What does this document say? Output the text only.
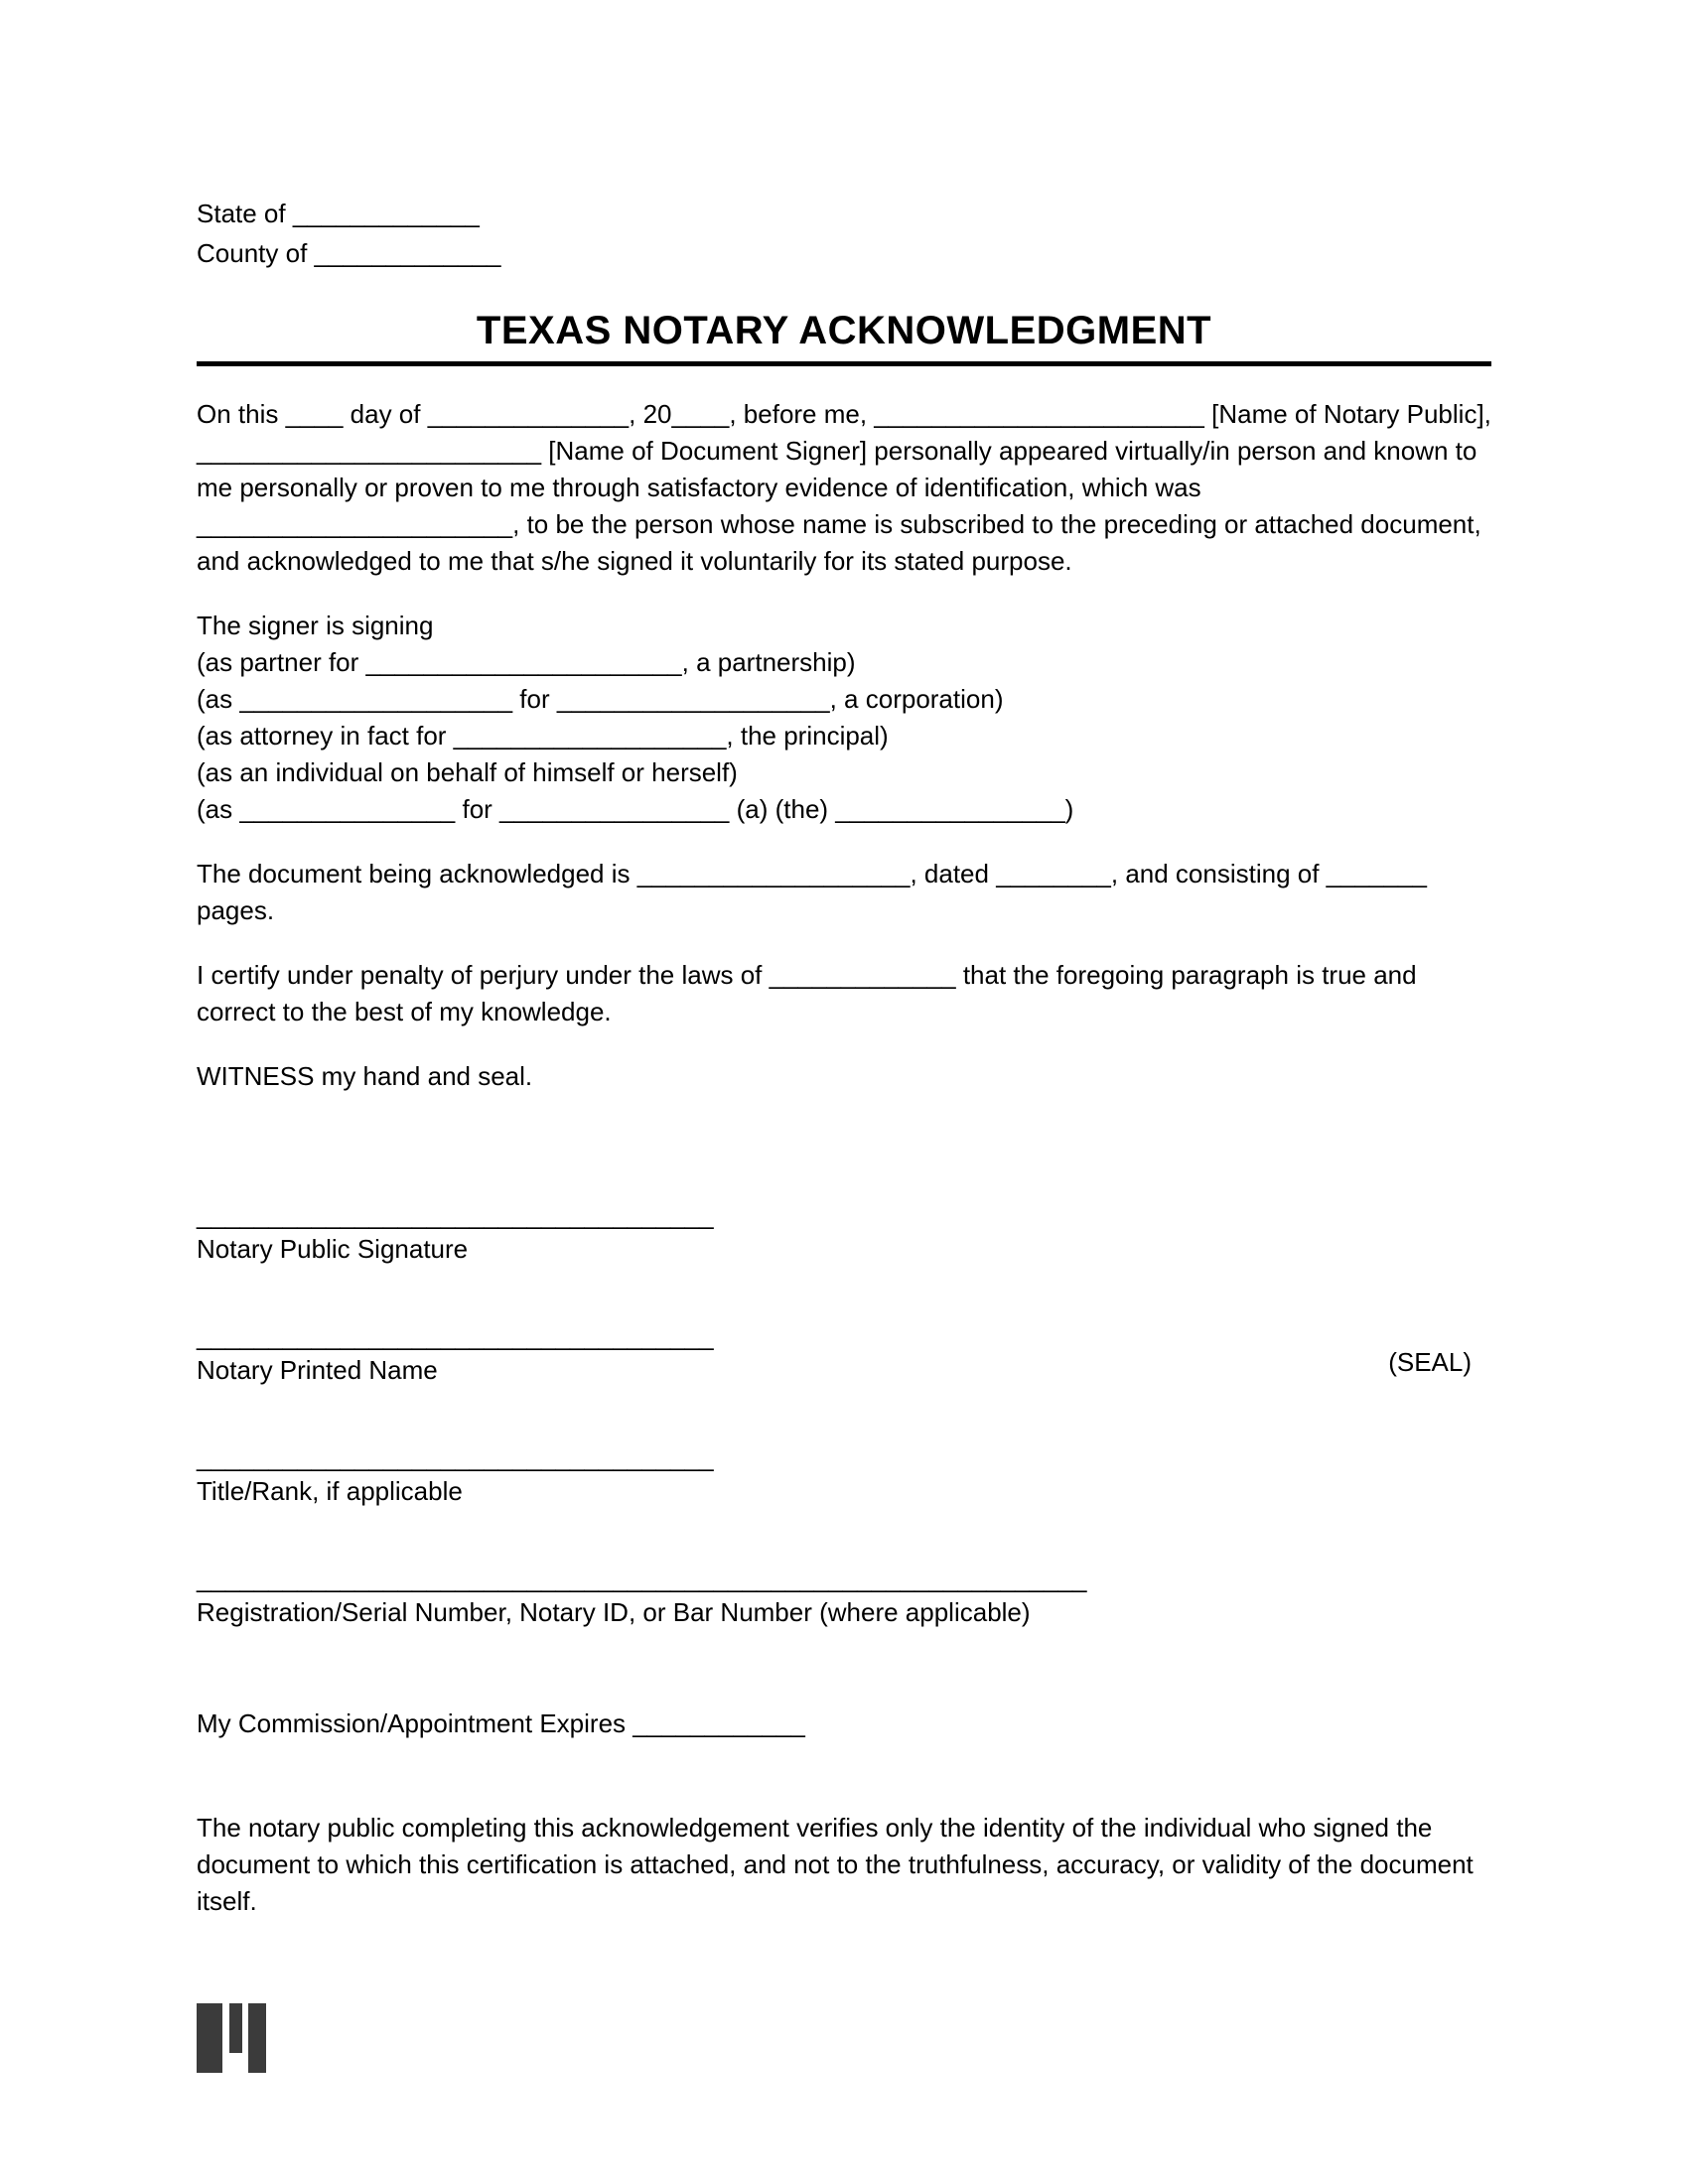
State of _____________
County of _____________
TEXAS NOTARY ACKNOWLEDGMENT

On this ____ day of ______________, 20____, before me, _______________________ [Name of Notary Public], ________________________ [Name of Document Signer] personally appeared virtually/in person and known to me personally or proven to me through satisfactory evidence of identification, which was ______________________, to be the person whose name is subscribed to the preceding or attached document, and acknowledged to me that s/he signed it voluntarily for its stated purpose.

The signer is signing
(as partner for ______________________, a partnership)
(as ___________________ for ___________________, a corporation)
(as attorney in fact for ___________________, the principal)
(as an individual on behalf of himself or herself)
(as _______________ for ________________ (a) (the) ________________)

The document being acknowledged is ___________________, dated ________, and consisting of _______ pages.

I certify under penalty of perjury under the laws of _____________ that the foregoing paragraph is true and correct to the best of my knowledge.

WITNESS my hand and seal.

____________________________________
Notary Public Signature
____________________________________
Notary Printed Name	(SEAL)
____________________________________
Title/Rank, if applicable
______________________________________________________________
Registration/Serial Number, Notary ID, or Bar Number (where applicable)
My Commission/Appointment Expires ____________

The notary public completing this acknowledgement verifies only the identity of the individual who signed the document to which this certification is attached, and not to the truthfulness, accuracy, or validity of the document itself.
